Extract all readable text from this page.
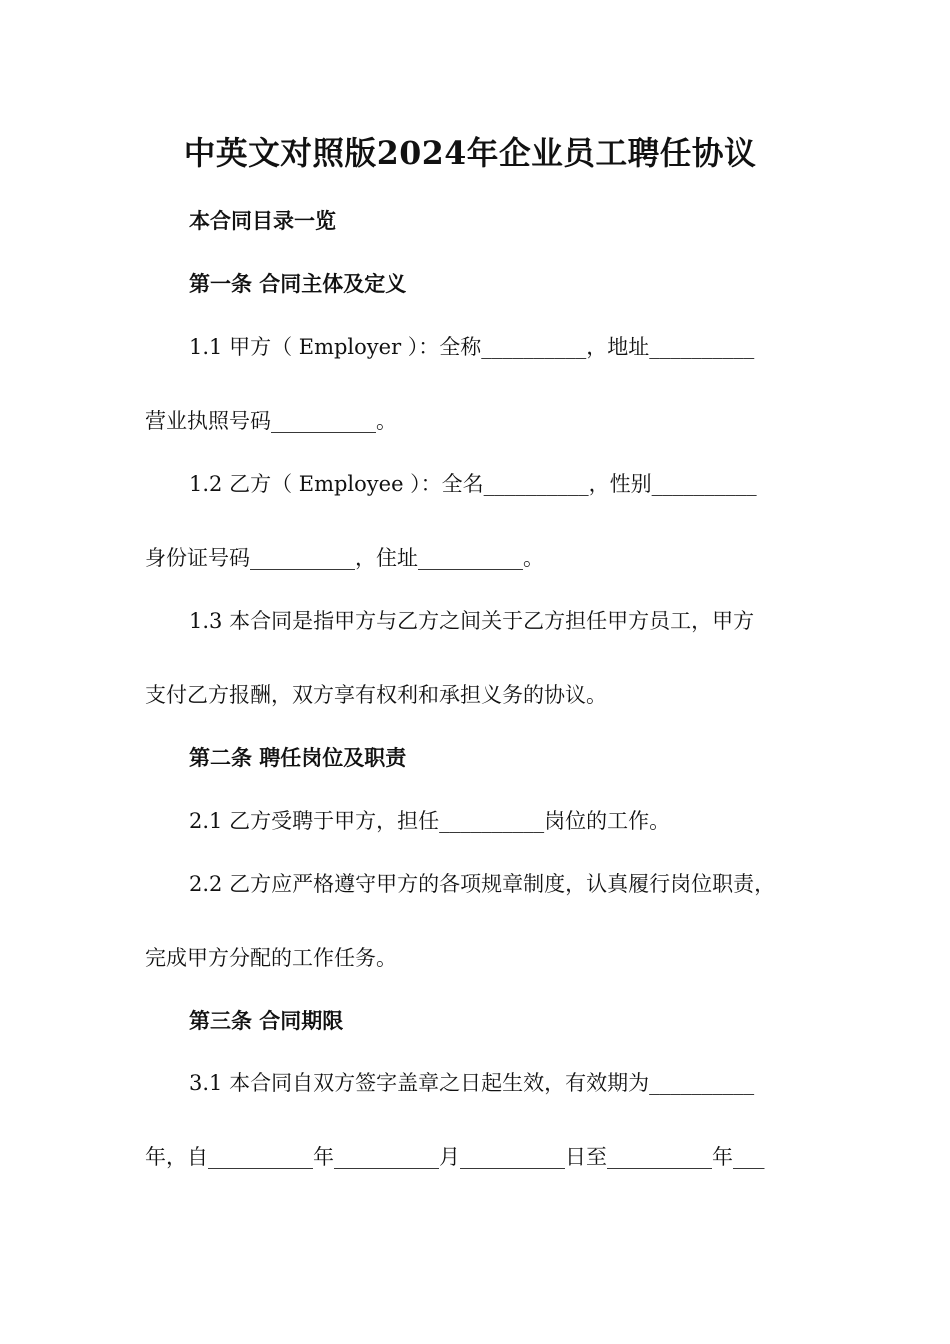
中英文对照版2024年企业员工聘任协议
本合同目录一览
第一条 合同主体及定义
1.1 甲方（ Employer ）：全称__________，地址__________
营业执照号码__________。
1.2 乙方（ Employee ）：全名__________，性别__________
身份证号码__________，住址__________。
1.3 本合同是指甲方与乙方之间关于乙方担任甲方员工，甲方
支付乙方报酬，双方享有权利和承担义务的协议。
第二条 聘任岗位及职责
2.1 乙方受聘于甲方，担任__________岗位的工作。
2.2 乙方应严格遵守甲方的各项规章制度，认真履行岗位职责，
完成甲方分配的工作任务。
第三条 合同期限
3.1 本合同自双方签字盖章之日起生效，有效期为__________
年，自__________年__________月__________日至__________年___
